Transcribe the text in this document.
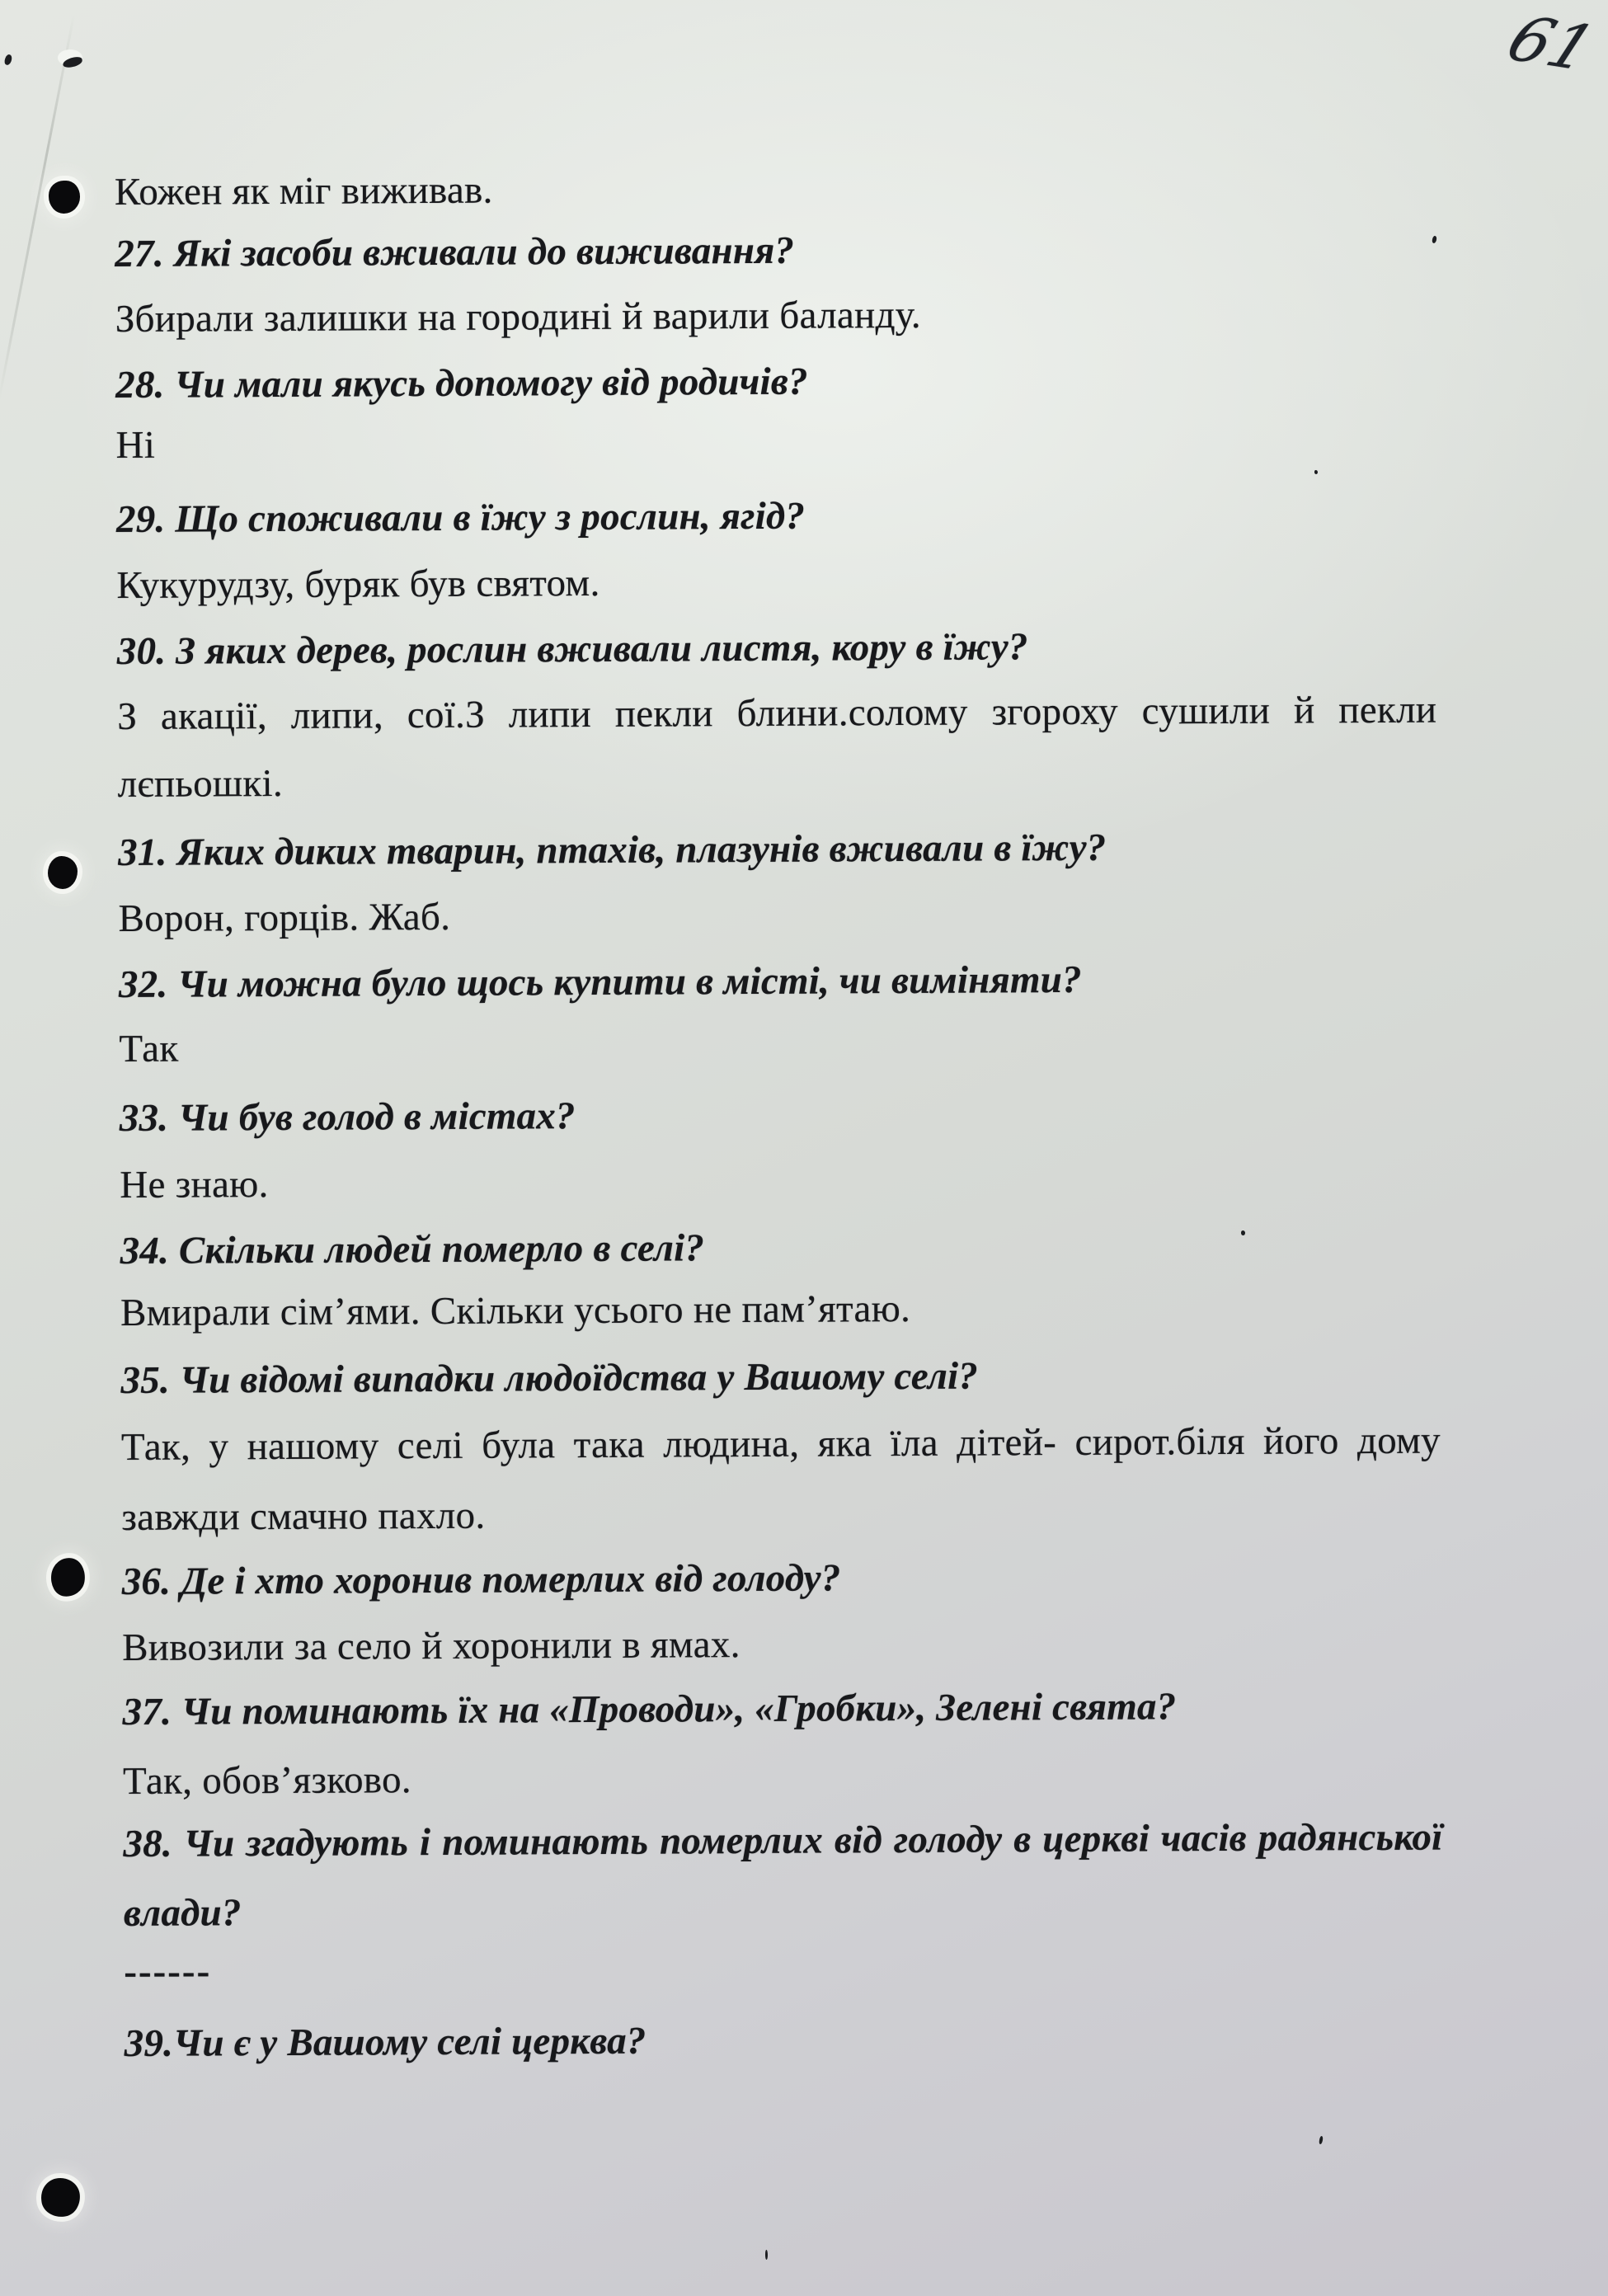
61
Кожен як міг виживав.
27. Які засоби вживали до виживання?
Збирали залишки на городині й варили баланду.
28. Чи мали якусь допомогу від родичів?
Ні
29. Що споживали в їжу з рослин, ягід?
Кукурудзу, буряк був святом.
30. З яких дерев, рослин вживали листя, кору в їжу?
З акації, липи, сої.З липи пекли блини.солому згороху сушили й пекли
лєпьошкі.
31. Яких диких тварин, птахів, плазунів вживали в їжу?
Ворон, горців. Жаб.
32. Чи можна було щось купити в місті, чи виміняти?
Так
33. Чи був голод в містах?
Не знаю.
34. Скільки людей померло в селі?
Вмирали сім’ями. Скільки усього не пам’ятаю.
35. Чи відомі випадки людоїдства у Вашому селі?
Так, у нашому селі була така людина, яка їла дітей- сирот.біля його дому
завжди смачно пахло.
36. Де і хто хоронив померлих від голоду?
Вивозили за село й хоронили в ямах.
37. Чи поминають їх на «Проводи», «Гробки», Зелені свята?
Так, обов’язково.
38. Чи згадують і поминають померлих від голоду в церкві часів радянської
влади?
------
39.Чи є у Вашому селі церква?
